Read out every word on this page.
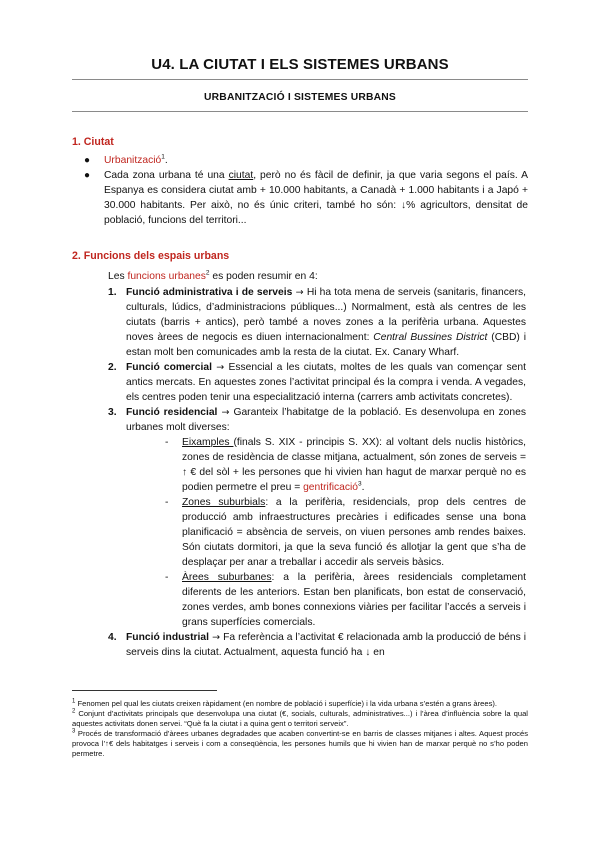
U4. LA CIUTAT I ELS SISTEMES URBANS
URBANITZACIÓ I SISTEMES URBANS
1. Ciutat
● Urbanització$^1$.
● Cada zona urbana té una ciutat, però no és fàcil de definir, ja que varia segons el país. A Espanya es considera ciutat amb + 10.000 habitants, a Canadà + 1.000 habitants i a Japó + 30.000 habitants. Per això, no és únic criteri, també ho són: ↓% agricultors, densitat de població, funcions del territori...
2. Funcions dels espais urbans
Les funcions urbanes$^2$ es poden resumir en 4:
1. Funció administrativa i de serveis → Hi ha tota mena de serveis (sanitaris, financers, culturals, lúdics, d’administracions públiques...) Normalment, està als centres de les ciutats (barris + antics), però també a noves zones a la perifèria urbana. Aquestes noves àrees de negocis es diuen internacionalment: Central Bussines District (CBD) i estan molt ben comunicades amb la resta de la ciutat. Ex. Canary Wharf.
2. Funció comercial → Essencial a les ciutats, moltes de les quals van començar sent antics mercats. En aquestes zones l’activitat principal és la compra i venda. A vegades, els centres poden tenir una especialització interna (carrers amb activitats concretes).
3. Funció residencial → Garanteix l’habitatge de la població. Es desenvolupa en zones urbanes molt diverses:
- Eixamples (finals S. XIX - principis S. XX): al voltant dels nuclis històrics, zones de residència de classe mitjana, actualment, són zones de serveis = ↑ € del sòl + les persones que hi vivien han hagut de marxar perquè no es podien permetre el preu = gentrificació$^3$.
- Zones suburbials: a la perifèria, residencials, prop dels centres de producció amb infraestructures precàries i edificades sense una bona planificació = absència de serveis, on viuen persones amb rendes baixes. Són ciutats dormitori, ja que la seva funció és allotjar la gent que s’ha de desplaçar per anar a treballar i accedir als serveis bàsics.
- Àrees suburbanes: a la perifèria, àrees residencials completament diferents de les anteriors. Estan ben planificats, bon estat de conservació, zones verdes, amb bones connexions viàries per facilitar l’accés a serveis i grans superfícies comercials.
4. Funció industrial → Fa referència a l’activitat € relacionada amb la producció de béns i serveis dins la ciutat. Actualment, aquesta funció ha ↓ en
$^1$ Fenomen pel qual les ciutats creixen ràpidament (en nombre de població i superfície) i la vida urbana s’estén a grans àrees).
$^2$ Conjunt d’activitats principals que desenvolupa una ciutat (€, socials, culturals, administratives...) i l’àrea d’influència sobre la qual aquestes activitats donen servei. “Què fa la ciutat i a quina gent o territori serveix”.
$^3$ Procés de transformació d’àrees urbanes degradades que acaben convertint-se en barris de classes mitjanes i altes. Aquest procés provoca l’↑€ dels habitatges i serveis i com a conseqüència, les persones humils que hi vivien han de marxar perquè no s’ho poden permetre.
